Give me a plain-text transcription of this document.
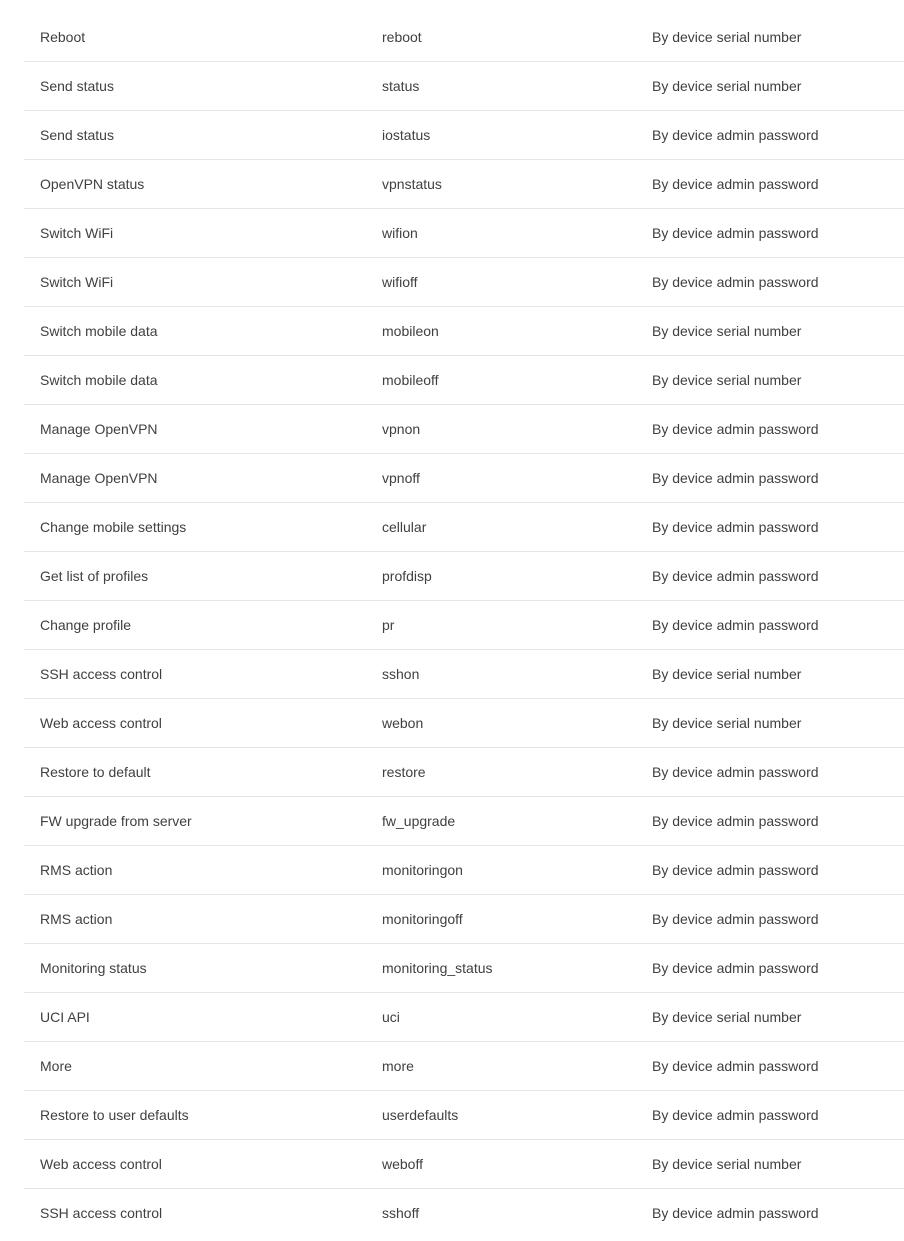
Reboot	reboot	By device serial number
Send status	status	By device serial number
Send status	iostatus	By device admin password
OpenVPN status	vpnstatus	By device admin password
Switch WiFi	wifion	By device admin password
Switch WiFi	wifioff	By device admin password
Switch mobile data	mobileon	By device serial number
Switch mobile data	mobileoff	By device serial number
Manage OpenVPN	vpnon	By device admin password
Manage OpenVPN	vpnoff	By device admin password
Change mobile settings	cellular	By device admin password
Get list of profiles	profdisp	By device admin password
Change profile	pr	By device admin password
SSH access control	sshon	By device serial number
Web access control	webon	By device serial number
Restore to default	restore	By device admin password
FW upgrade from server	fw_upgrade	By device admin password
RMS action	monitoringon	By device admin password
RMS action	monitoringoff	By device admin password
Monitoring status	monitoring_status	By device admin password
UCI API	uci	By device serial number
More	more	By device admin password
Restore to user defaults	userdefaults	By device admin password
Web access control	weboff	By device serial number
SSH access control	sshoff	By device admin password
